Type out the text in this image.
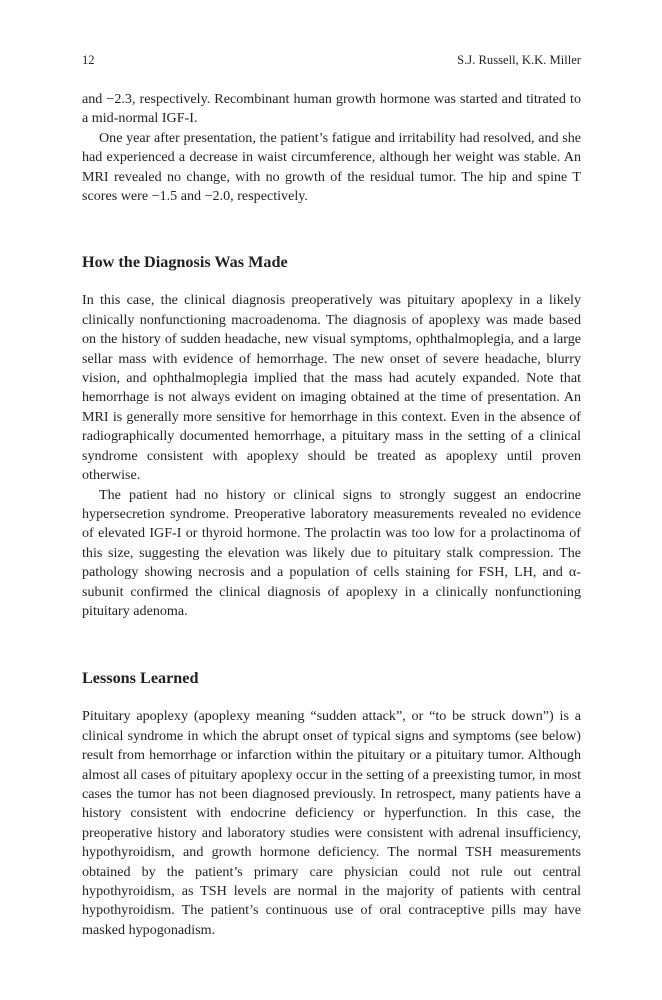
12	S.J. Russell, K.K. Miller

and −2.3, respectively. Recombinant human growth hormone was started and titrated to a mid-normal IGF-I.

One year after presentation, the patient’s fatigue and irritability had resolved, and she had experienced a decrease in waist circumference, although her weight was stable. An MRI revealed no change, with no growth of the residual tumor. The hip and spine T scores were −1.5 and −2.0, respectively.

How the Diagnosis Was Made

In this case, the clinical diagnosis preoperatively was pituitary apoplexy in a likely clinically nonfunctioning macroadenoma. The diagnosis of apoplexy was made based on the history of sudden headache, new visual symptoms, ophthalmoplegia, and a large sellar mass with evidence of hemorrhage. The new onset of severe headache, blurry vision, and ophthalmoplegia implied that the mass had acutely expanded. Note that hemorrhage is not always evident on imaging obtained at the time of presentation. An MRI is generally more sensitive for hemorrhage in this context. Even in the absence of radiographically documented hemorrhage, a pituitary mass in the setting of a clinical syndrome consistent with apoplexy should be treated as apoplexy until proven otherwise.

The patient had no history or clinical signs to strongly suggest an endocrine hypersecretion syndrome. Preoperative laboratory measurements revealed no evidence of elevated IGF-I or thyroid hormone. The prolactin was too low for a prolactinoma of this size, suggesting the elevation was likely due to pituitary stalk compression. The pathology showing necrosis and a population of cells staining for FSH, LH, and α-subunit confirmed the clinical diagnosis of apoplexy in a clinically nonfunctioning pituitary adenoma.

Lessons Learned

Pituitary apoplexy (apoplexy meaning “sudden attack”, or “to be struck down”) is a clinical syndrome in which the abrupt onset of typical signs and symptoms (see below) result from hemorrhage or infarction within the pituitary or a pituitary tumor. Although almost all cases of pituitary apoplexy occur in the setting of a preexisting tumor, in most cases the tumor has not been diagnosed previously. In retrospect, many patients have a history consistent with endocrine deficiency or hyperfunction. In this case, the preoperative history and laboratory studies were consistent with adrenal insufficiency, hypothyroidism, and growth hormone deficiency. The normal TSH measurements obtained by the patient’s primary care physician could not rule out central hypothyroidism, as TSH levels are normal in the majority of patients with central hypothyroidism. The patient’s continuous use of oral contraceptive pills may have masked hypogonadism.
